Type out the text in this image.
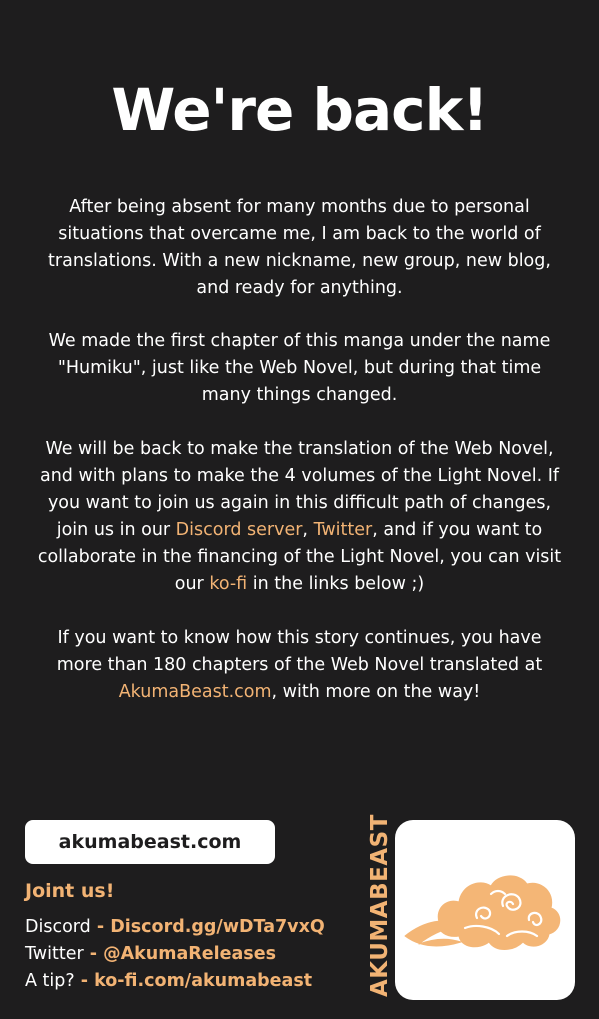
We're back!

After being absent for many months due to personal situations that overcame me, I am back to the world of translations. With a new nickname, new group, new blog, and ready for anything.

We made the first chapter of this manga under the name "Humiku", just like the Web Novel, but during that time many things changed.

We will be back to make the translation of the Web Novel, and with plans to make the 4 volumes of the Light Novel. If you want to join us again in this difficult path of changes, join us in our Discord server, Twitter, and if you want to collaborate in the financing of the Light Novel, you can visit our ko-fi in the links below ;)

If you want to know how this story continues, you have more than 180 chapters of the Web Novel translated at AkumaBeast.com, with more on the way!

akumabeast.com

Joint us!

Discord - Discord.gg/wDTa7vxQ
Twitter - @AkumaReleases
A tip? - ko-fi.com/akumabeast AKUMABEAST
